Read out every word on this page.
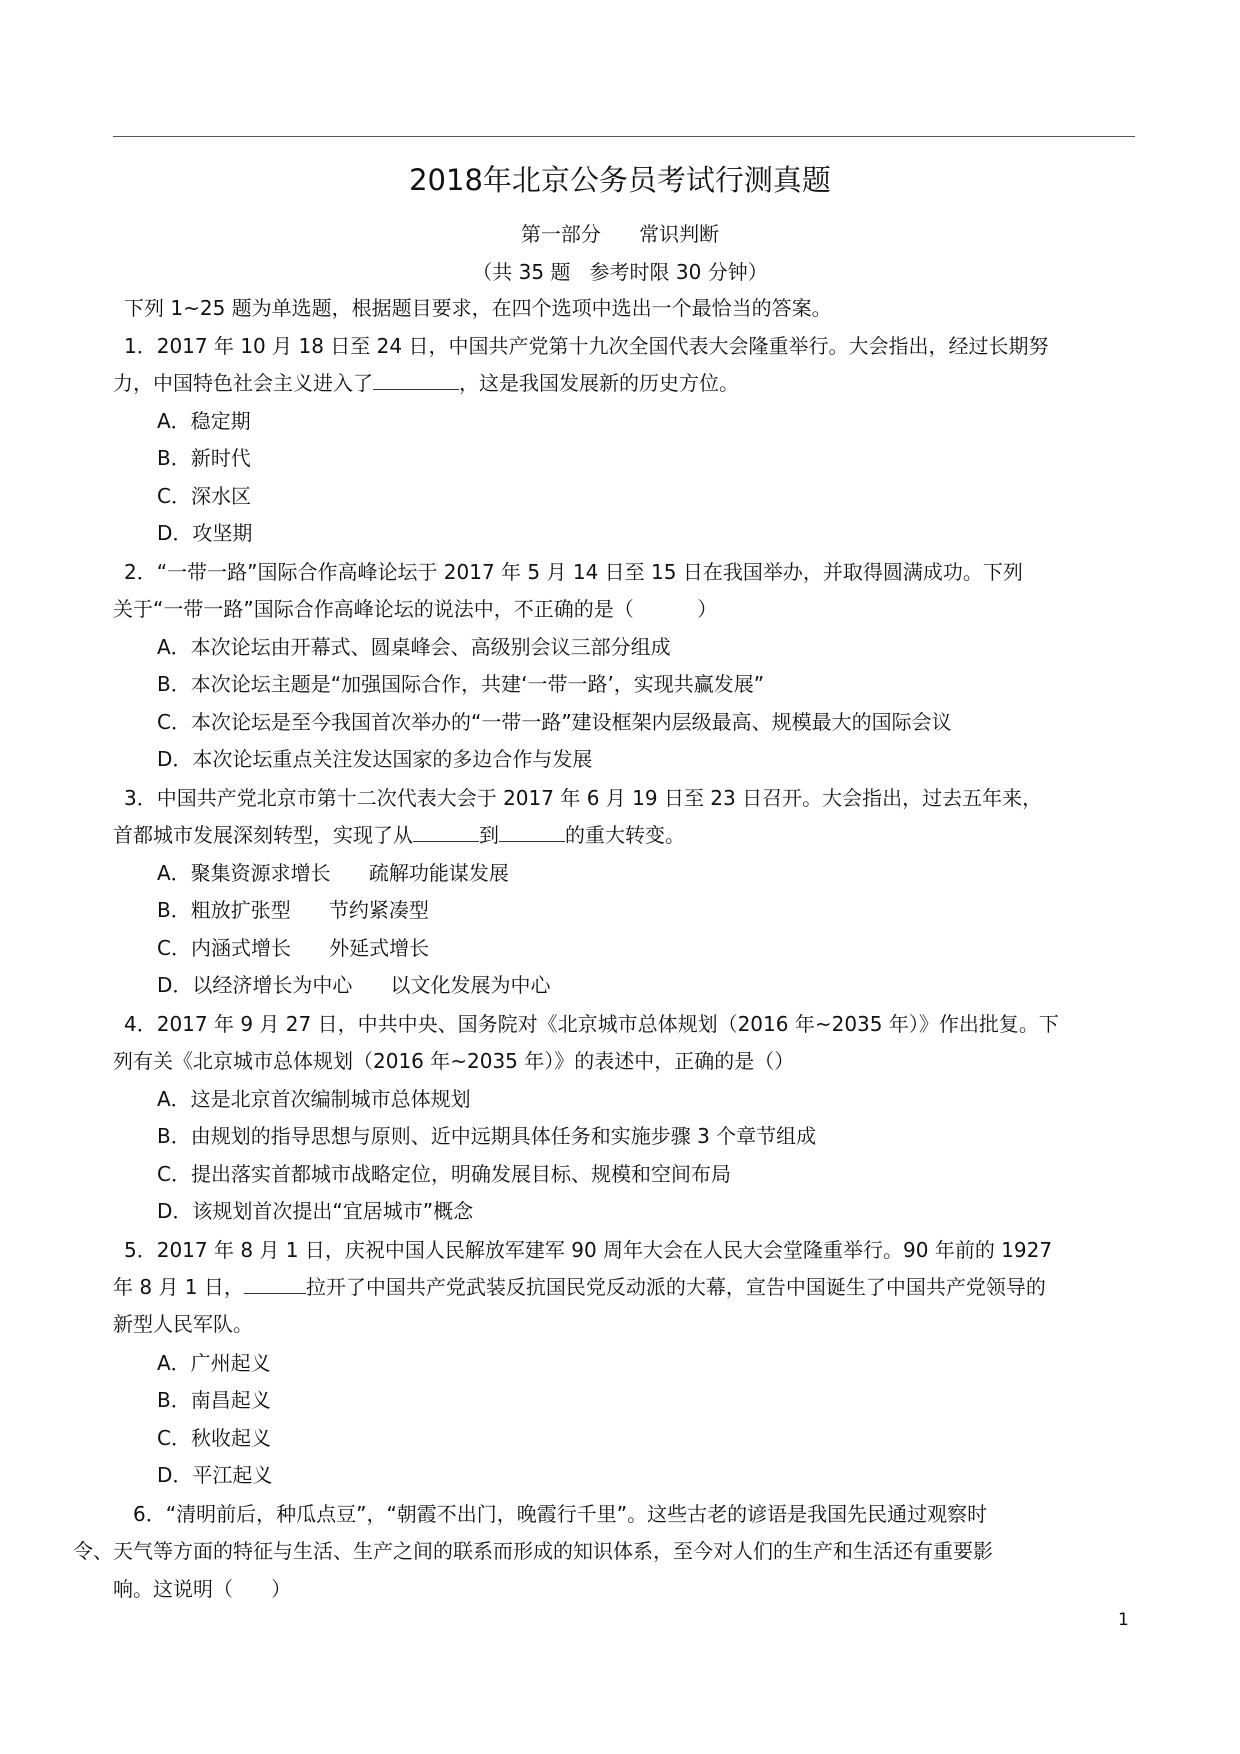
2018年北京公务员考试行测真题
第一部分      常识判断
（共 35 题   参考时限 30 分钟）
下列 1~25 题为单选题，根据题目要求，在四个选项中选出一个最恰当的答案。
1．2017 年 10 月 18 日至 24 日，中国共产党第十九次全国代表大会隆重举行。大会指出，经过长期努
力，中国特色社会主义进入了	，这是我国发展新的历史方位。
A．稳定期
B．新时代
C．深水区
D．攻坚期
2．“一带一路”国际合作高峰论坛于 2017 年 5 月 14 日至 15 日在我国举办，并取得圆满成功。下列
关于“一带一路”国际合作高峰论坛的说法中，不正确的是（          ）
A．本次论坛由开幕式、圆桌峰会、高级别会议三部分组成
B．本次论坛主题是“加强国际合作，共建‘一带一路’，实现共赢发展”
C．本次论坛是至今我国首次举办的“一带一路”建设框架内层级最高、规模最大的国际会议
D．本次论坛重点关注发达国家的多边合作与发展
3．中国共产党北京市第十二次代表大会于 2017 年 6 月 19 日至 23 日召开。大会指出，过去五年来，
首都城市发展深刻转型，实现了从	到	的重大转变。
A．聚集资源求增长      疏解功能谋发展
B．粗放扩张型      节约紧凑型
C．内涵式增长      外延式增长
D．以经济增长为中心      以文化发展为中心
4．2017 年 9 月 27 日，中共中央、国务院对《北京城市总体规划（2016 年~2035 年）》作出批复。下
列有关《北京城市总体规划（2016 年~2035 年）》的表述中，正确的是（）
A．这是北京首次编制城市总体规划
B．由规划的指导思想与原则、近中远期具体任务和实施步骤 3 个章节组成
C．提出落实首都城市战略定位，明确发展目标、规模和空间布局
D．该规划首次提出“宜居城市”概念
5．2017 年 8 月 1 日，庆祝中国人民解放军建军 90 周年大会在人民大会堂隆重举行。90 年前的 1927
年 8 月 1 日，	拉开了中国共产党武装反抗国民党反动派的大幕，宣告中国诞生了中国共产党领导的
新型人民军队。
A．广州起义
B．南昌起义
C．秋收起义
D．平江起义
6．“清明前后，种瓜点豆”，“朝霞不出门，晚霞行千里”。这些古老的谚语是我国先民通过观察时
令、天气等方面的特征与生活、生产之间的联系而形成的知识体系，至今对人们的生产和生活还有重要影
响。这说明（      ）
1
